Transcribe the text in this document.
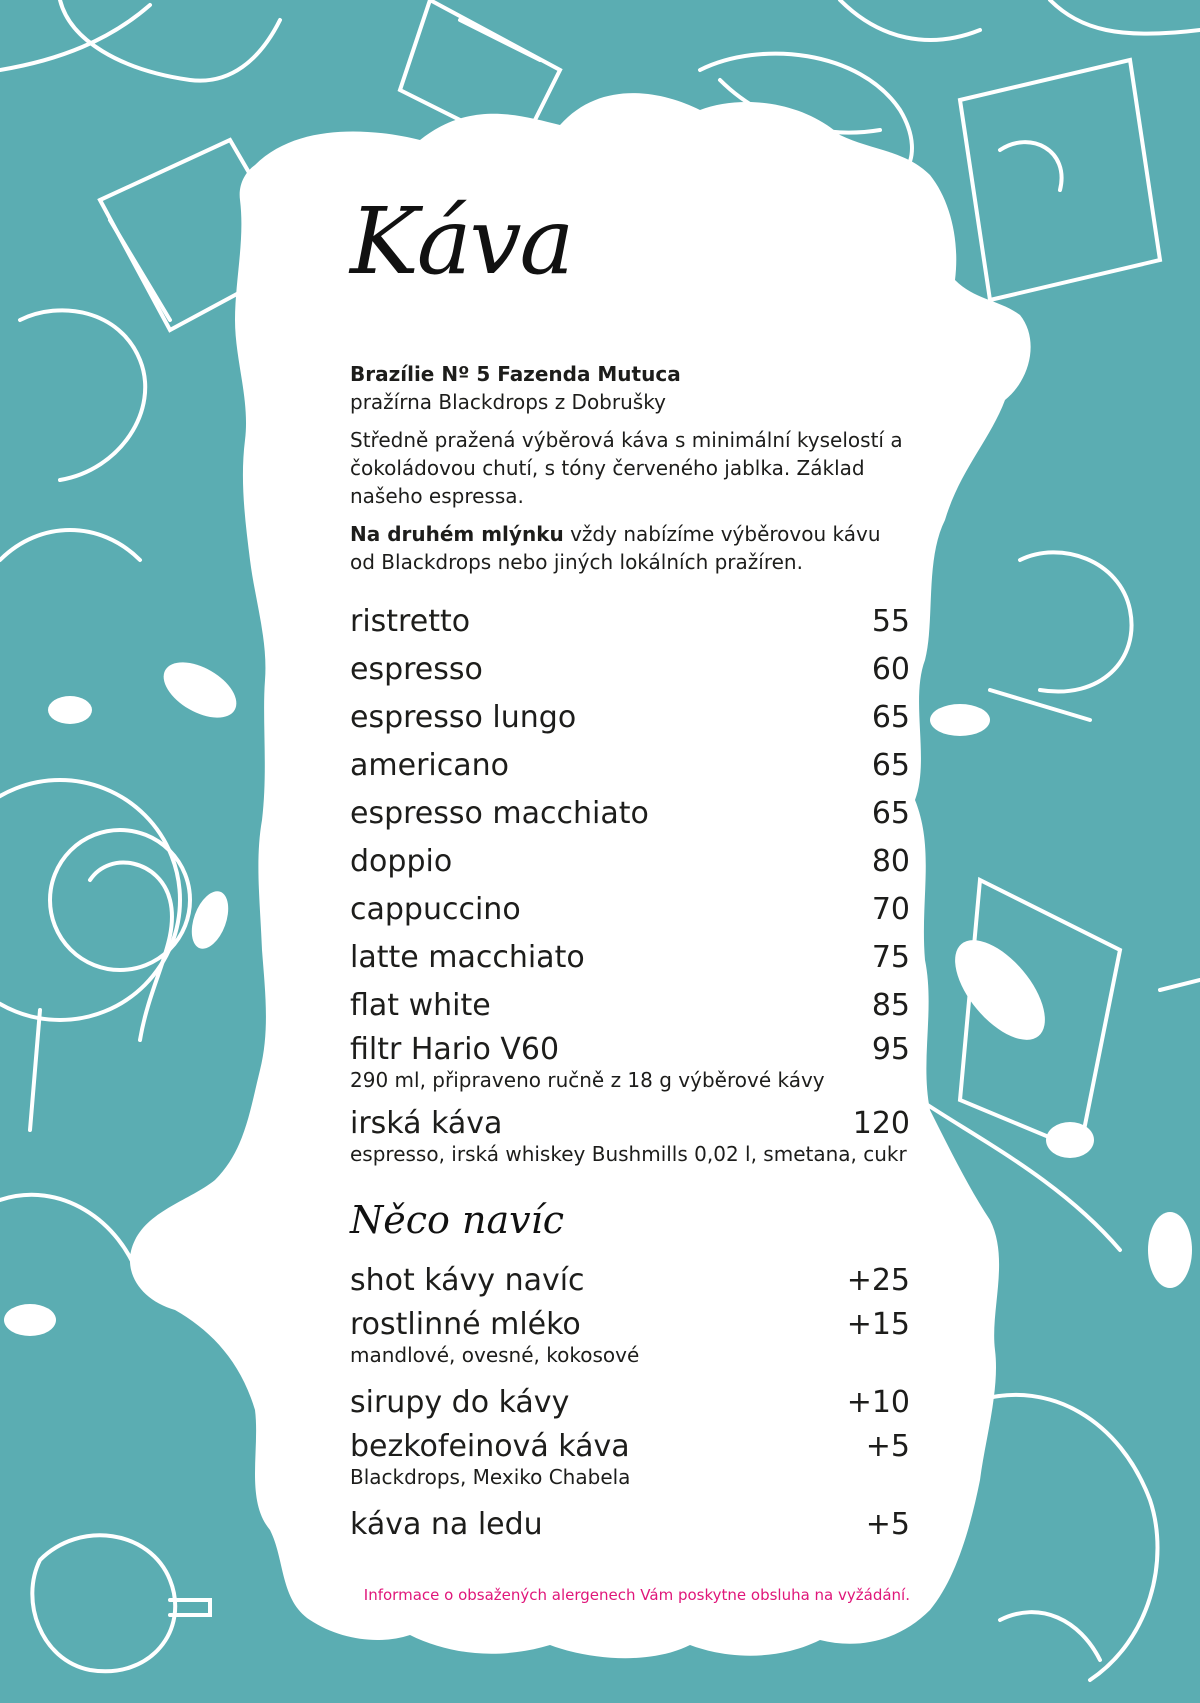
Káva

Brazílie Nº 5 Fazenda Mutuca
pražírna Blackdrops z Dobrušky

Středně pražená výběrová káva s minimální kyselostí a čokoládovou chutí, s tóny červeného jablka. Základ našeho espressa.

Na druhém mlýnku vždy nabízíme výběrovou kávu od Blackdrops nebo jiných lokálních pražíren.

ristretto	55
espresso	60
espresso lungo	65
americano	65
espresso macchiato	65
doppio	80
cappuccino	70
latte macchiato	75
flat white	85
filtr Hario V60	95
290 ml, připraveno ručně z 18 g výběrové kávy
irská káva	120
espresso, irská whiskey Bushmills 0,02 l, smetana, cukr
Něco navíc
shot kávy navíc	+25
rostlinné mléko	+15
mandlové, ovesné, kokosové
sirupy do kávy	+10
bezkofeinová káva	+5
Blackdrops, Mexiko Chabela
káva na ledu	+5
Informace o obsažených alergenech Vám poskytne obsluha na vyžádání.
